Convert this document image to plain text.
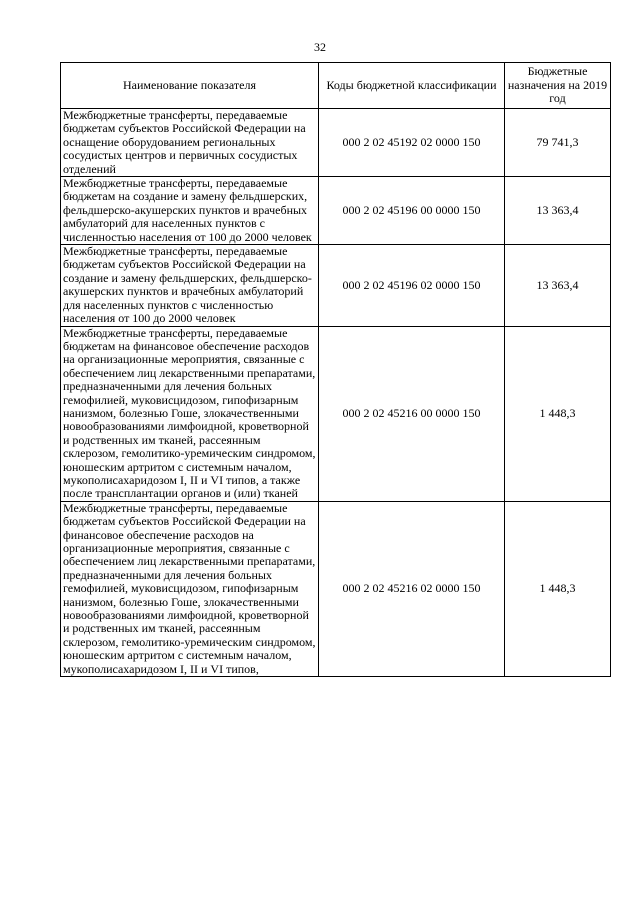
32
Наименование показателя	Коды бюджетной классификации	Бюджетные назначения на 2019 год
Межбюджетные трансферты, передаваемые бюджетам субъектов Российской Федерации на оснащение оборудованием региональных сосудистых центров и первичных сосудистых отделений	000 2 02 45192 02 0000 150	79 741,3
Межбюджетные трансферты, передаваемые бюджетам на создание и замену фельдшерских, фельдшерско-акушерских пунктов и врачебных амбулаторий для населенных пунктов с численностью населения от 100 до 2000 человек	000 2 02 45196 00 0000 150	13 363,4
Межбюджетные трансферты, передаваемые бюджетам субъектов Российской Федерации на создание и замену фельдшерских, фельдшерско-акушерских пунктов и врачебных амбулаторий для населенных пунктов с численностью населения от 100 до 2000 человек	000 2 02 45196 02 0000 150	13 363,4
Межбюджетные трансферты, передаваемые бюджетам на финансовое обеспечение расходов на организационные мероприятия, связанные с обеспечением лиц лекарственными препаратами, предназначенными для лечения больных гемофилией, муковисцидозом, гипофизарным нанизмом, болезнью Гоше, злокачественными новообразованиями лимфоидной, кроветворной и родственных им тканей, рассеянным склерозом, гемолитико-уремическим синдромом, юношеским артритом с системным началом, мукополисахаридозом I, II и VI типов, а также после трансплантации органов и (или) тканей	000 2 02 45216 00 0000 150	1 448,3
Межбюджетные трансферты, передаваемые бюджетам субъектов Российской Федерации на финансовое обеспечение расходов на организационные мероприятия, связанные с обеспечением лиц лекарственными препаратами, предназначенными для лечения больных гемофилией, муковисцидозом, гипофизарным нанизмом, болезнью Гоше, злокачественными новообразованиями лимфоидной, кроветворной и родственных им тканей, рассеянным склерозом, гемолитико-уремическим синдромом, юношеским артритом с системным началом, мукополисахаридозом I, II и VI типов,	000 2 02 45216 02 0000 150	1 448,3
